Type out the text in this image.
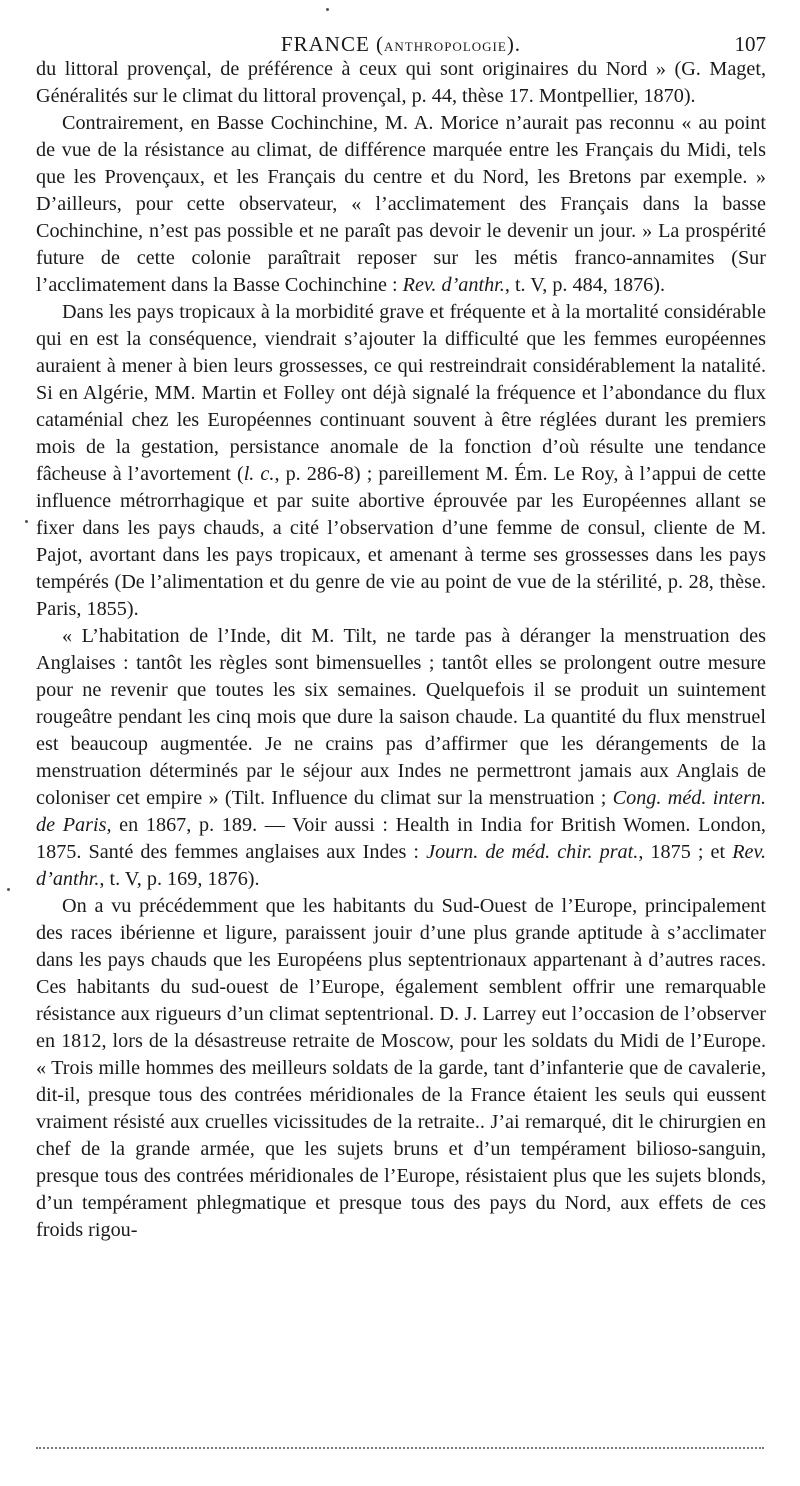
FRANCE (anthropologie).	107

du littoral provençal, de préférence à ceux qui sont originaires du Nord » (G. Maget, Généralités sur le climat du littoral provençal, p. 44, thèse 17. Montpellier, 1870).

Contrairement, en Basse Cochinchine, M. A. Morice n’aurait pas reconnu « au point de vue de la résistance au climat, de différence marquée entre les Français du Midi, tels que les Provençaux, et les Français du centre et du Nord, les Bretons par exemple. » D’ailleurs, pour cette observateur, « l’acclimatement des Français dans la basse Cochinchine, n’est pas possible et ne paraît pas devoir le devenir un jour. » La prospérité future de cette colonie paraîtrait reposer sur les métis franco-annamites (Sur l’acclimatement dans la Basse Cochinchine : Rev. d’anthr., t. V, p. 484, 1876).

Dans les pays tropicaux à la morbidité grave et fréquente et à la mortalité considérable qui en est la conséquence, viendrait s’ajouter la difficulté que les femmes européennes auraient à mener à bien leurs grossesses, ce qui restreindrait considérablement la natalité. Si en Algérie, MM. Martin et Folley ont déjà signalé la fréquence et l’abondance du flux cataménial chez les Européennes continuant souvent à être réglées durant les premiers mois de la gestation, persistance anomale de la fonction d’où résulte une tendance fâcheuse à l’avortement (l. c., p. 286-8) ; pareillement M. Ém. Le Roy, à l’appui de cette influence métrorrhagique et par suite abortive éprouvée par les Européennes allant se fixer dans les pays chauds, a cité l’observation d’une femme de consul, cliente de M. Pajot, avortant dans les pays tropicaux, et amenant à terme ses grossesses dans les pays tempérés (De l’alimentation et du genre de vie au point de vue de la stérilité, p. 28, thèse. Paris, 1855).

« L’habitation de l’Inde, dit M. Tilt, ne tarde pas à déranger la menstruation des Anglaises : tantôt les règles sont bimensuelles ; tantôt elles se prolongent outre mesure pour ne revenir que toutes les six semaines. Quelquefois il se produit un suintement rougeâtre pendant les cinq mois que dure la saison chaude. La quantité du flux menstruel est beaucoup augmentée. Je ne crains pas d’affirmer que les dérangements de la menstruation déterminés par le séjour aux Indes ne permettront jamais aux Anglais de coloniser cet empire » (Tilt. Influence du climat sur la menstruation ; Cong. méd. intern. de Paris, en 1867, p. 189. — Voir aussi : Health in India for British Women. London, 1875. Santé des femmes anglaises aux Indes : Journ. de méd. chir. prat., 1875 ; et Rev. d’anthr., t. V, p. 169, 1876).

On a vu précédemment que les habitants du Sud-Ouest de l’Europe, principalement des races ibérienne et ligure, paraissent jouir d’une plus grande aptitude à s’acclimater dans les pays chauds que les Européens plus septentrionaux appartenant à d’autres races. Ces habitants du sud-ouest de l’Europe, également semblent offrir une remarquable résistance aux rigueurs d’un climat septentrional. D. J. Larrey eut l’occasion de l’observer en 1812, lors de la désastreuse retraite de Moscow, pour les soldats du Midi de l’Europe. « Trois mille hommes des meilleurs soldats de la garde, tant d’infanterie que de cavalerie, dit-il, presque tous des contrées méridionales de la France étaient les seuls qui eussent vraiment résisté aux cruelles vicissitudes de la retraite.. J’ai remarqué, dit le chirurgien en chef de la grande armée, que les sujets bruns et d’un tempérament bilioso-sanguin, presque tous des contrées méridionales de l’Europe, résistaient plus que les sujets blonds, d’un tempérament phlegmatique et presque tous des pays du Nord, aux effets de ces froids rigou-
